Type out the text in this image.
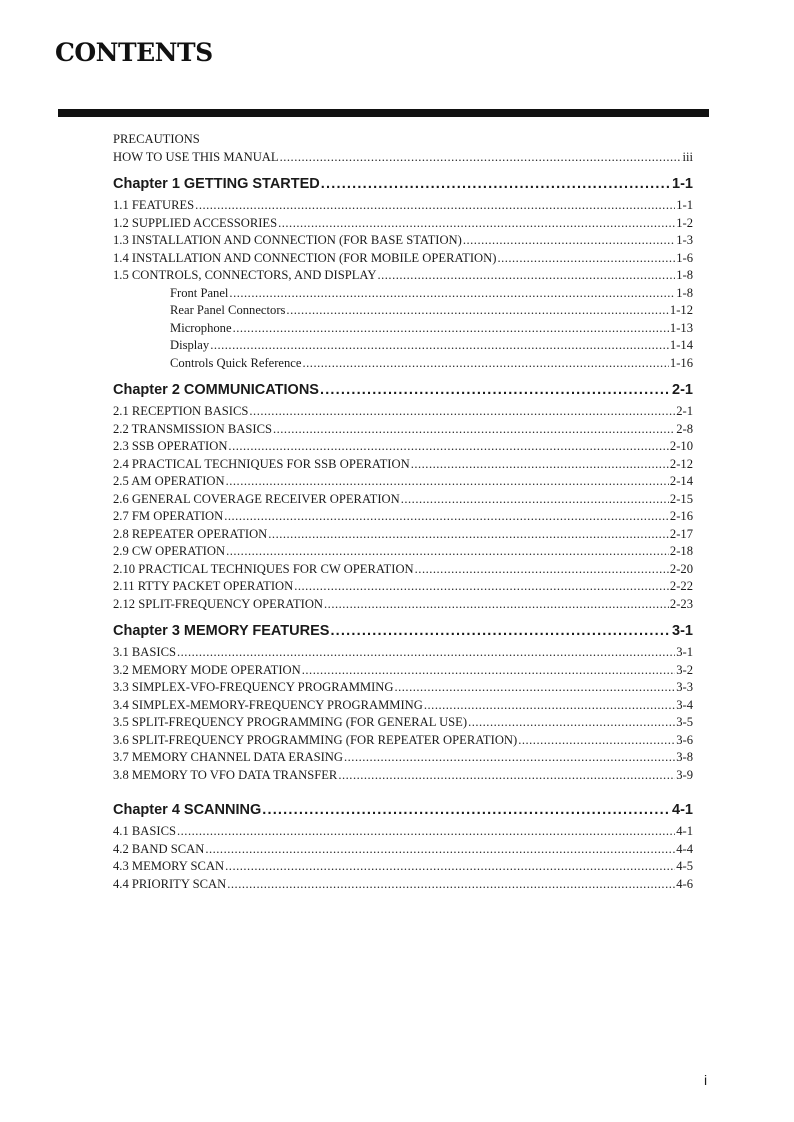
CONTENTS
PRECAUTIONS
HOW TO USE THIS MANUAL .....	iii
Chapter 1 GETTING STARTED .....	1-1
1.1 FEATURES .....	1-1
1.2 SUPPLIED ACCESSORIES .....	1-2
1.3 INSTALLATION AND CONNECTION (FOR BASE STATION) .....	1-3
1.4 INSTALLATION AND CONNECTION (FOR MOBILE OPERATION) .....	1-6
1.5 CONTROLS, CONNECTORS, AND DISPLAY .....	1-8
Front Panel .....	1-8
Rear Panel Connectors .....	1-12
Microphone .....	1-13
Display .....	1-14
Controls Quick Reference .....	1-16
Chapter 2 COMMUNICATIONS .....	2-1
2.1 RECEPTION BASICS .....	2-1
2.2 TRANSMISSION BASICS .....	2-8
2.3 SSB OPERATION .....	2-10
2.4 PRACTICAL TECHNIQUES FOR SSB OPERATION .....	2-12
2.5 AM OPERATION .....	2-14
2.6 GENERAL COVERAGE RECEIVER OPERATION .....	2-15
2.7 FM OPERATION .....	2-16
2.8 REPEATER OPERATION .....	2-17
2.9 CW OPERATION .....	2-18
2.10 PRACTICAL TECHNIQUES FOR CW OPERATION .....	2-20
2.11 RTTY PACKET OPERATION .....	2-22
2.12 SPLIT-FREQUENCY OPERATION .....	2-23
Chapter 3 MEMORY FEATURES .....	3-1
3.1 BASICS .....	3-1
3.2 MEMORY MODE OPERATION .....	3-2
3.3 SIMPLEX-VFO-FREQUENCY PROGRAMMING .....	3-3
3.4 SIMPLEX-MEMORY-FREQUENCY PROGRAMMING .....	3-4
3.5 SPLIT-FREQUENCY PROGRAMMING (FOR GENERAL USE) .....	3-5
3.6 SPLIT-FREQUENCY PROGRAMMING (FOR REPEATER OPERATION) .....	3-6
3.7 MEMORY CHANNEL DATA ERASING .....	3-8
3.8 MEMORY TO VFO DATA TRANSFER .....	3-9
Chapter 4 SCANNING .....	4-1
4.1 BASICS .....	4-1
4.2 BAND SCAN .....	4-4
4.3 MEMORY SCAN .....	4-5
4.4 PRIORITY SCAN .....	4-6
i
